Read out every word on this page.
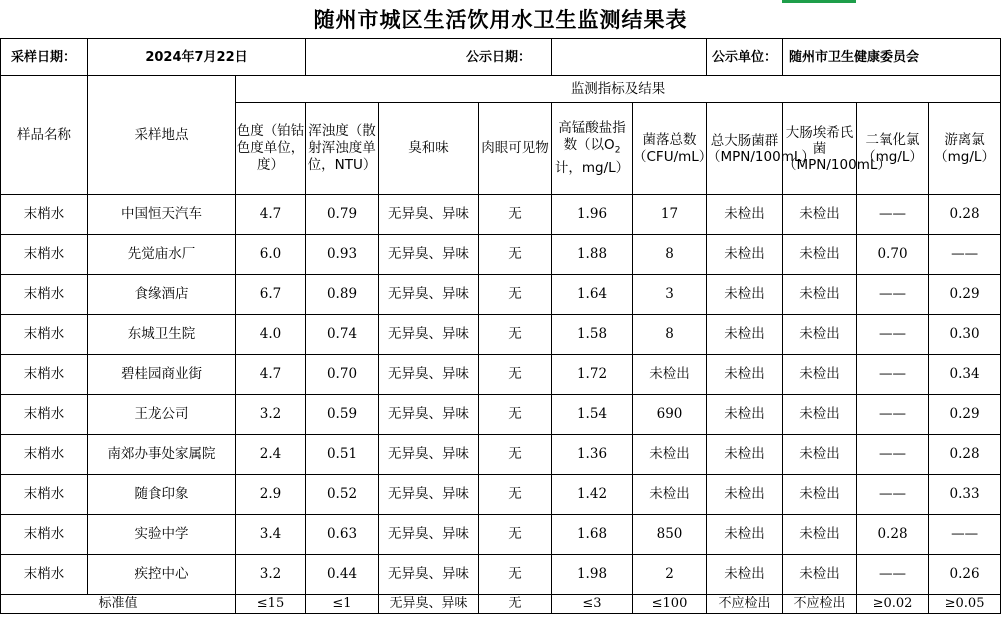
随州市城区生活饮用水卫生监测结果表											
采样日期：	2024年7月22日		公示日期：					公示单位：	随州市卫生健康委员会		
样品名称	采样地点	监测指标及结果									
		色度（铂钴色度单位，度）	浑浊度（散射浑浊度单位，NTU）	臭和味	肉眼可见物	高锰酸盐指数（以$O_2$计，mg/L）	菌落总数（CFU/mL）	总大肠菌群（MPN/100mL）	大肠埃希氏菌（MPN/100mL）	二氧化氯（mg/L）	游离氯（mg/L）
末梢水	中国恒天汽车	4.7	0.79	无异臭、异味	无	1.96	17	未检出	未检出	——	0.28
末梢水	先觉庙水厂	6.0	0.93	无异臭、异味	无	1.88	8	未检出	未检出	0.70	——
末梢水	食缘酒店	6.7	0.89	无异臭、异味	无	1.64	3	未检出	未检出	——	0.29
末梢水	东城卫生院	4.0	0.74	无异臭、异味	无	1.58	8	未检出	未检出	——	0.30
末梢水	碧桂园商业街	4.7	0.70	无异臭、异味	无	1.72	未检出	未检出	未检出	——	0.34
末梢水	王龙公司	3.2	0.59	无异臭、异味	无	1.54	690	未检出	未检出	——	0.29
末梢水	南郊办事处家属院	2.4	0.51	无异臭、异味	无	1.36	未检出	未检出	未检出	——	0.28
末梢水	随食印象	2.9	0.52	无异臭、异味	无	1.42	未检出	未检出	未检出	——	0.33
末梢水	实验中学	3.4	0.63	无异臭、异味	无	1.68	850	未检出	未检出	0.28	——
末梢水	疾控中心	3.2	0.44	无异臭、异味	无	1.98	2	未检出	未检出	——	0.26
标准值		≤15	≤1	无异臭、异味	无	≤3	≤100	不应检出	不应检出	≥0.02	≥0.05
